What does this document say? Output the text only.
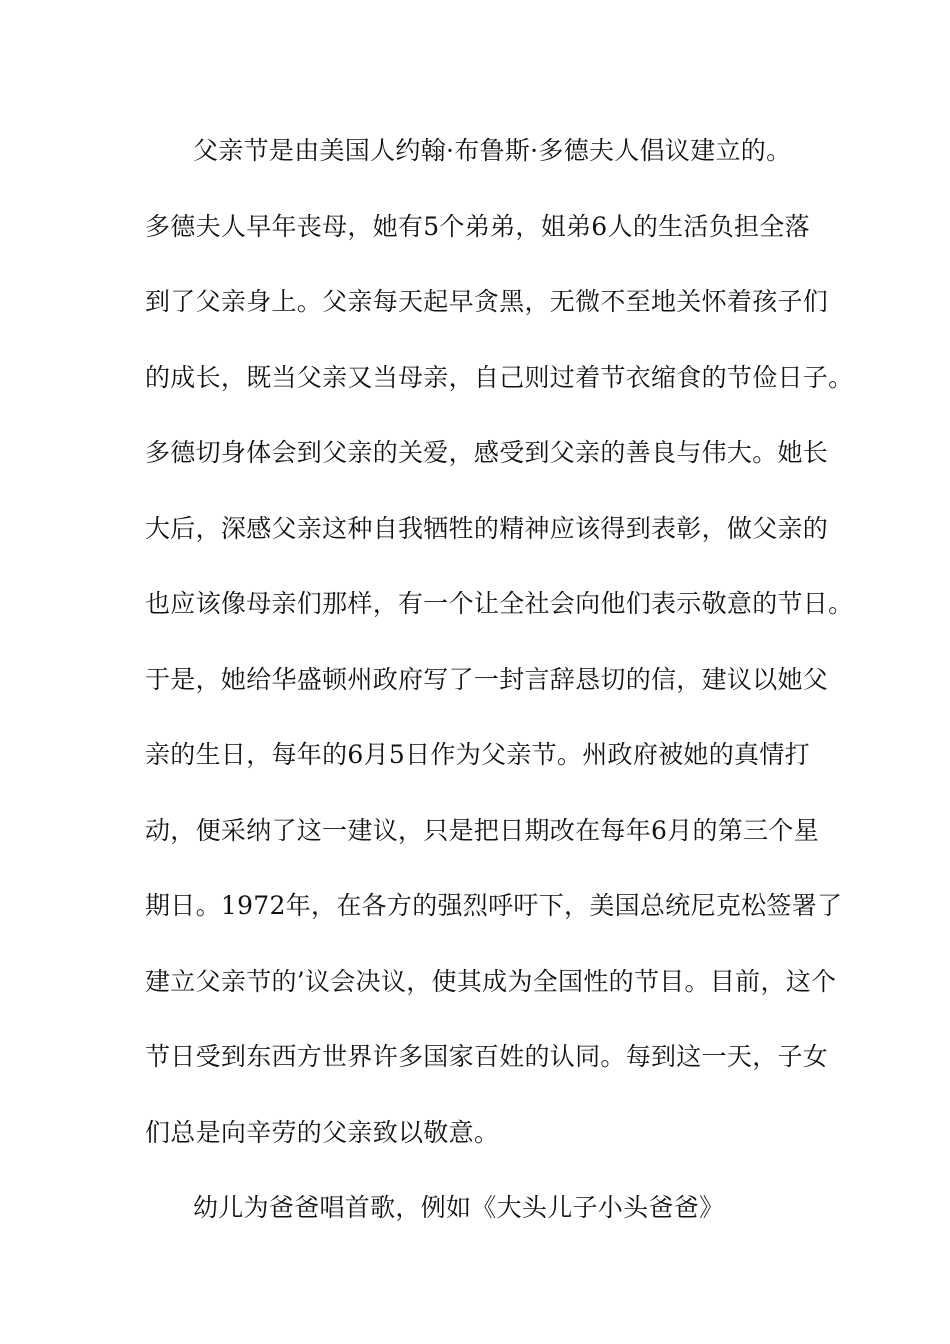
父亲节是由美国人约翰·布鲁斯·多德夫人倡议建立的。
多德夫人早年丧母，她有5个弟弟，姐弟6人的生活负担全落
到了父亲身上。父亲每天起早贪黑，无微不至地关怀着孩子们
的成长，既当父亲又当母亲，自己则过着节衣缩食的节俭日子。
多德切身体会到父亲的关爱，感受到父亲的善良与伟大。她长
大后，深感父亲这种自我牺牲的精神应该得到表彰，做父亲的
也应该像母亲们那样，有一个让全社会向他们表示敬意的节日。
于是，她给华盛顿州政府写了一封言辞恳切的信，建议以她父
亲的生日，每年的6月5日作为父亲节。州政府被她的真情打
动，便采纳了这一建议，只是把日期改在每年6月的第三个星
期日。1972年，在各方的强烈呼吁下，美国总统尼克松签署了
建立父亲节的’议会决议，使其成为全国性的节目。目前，这个
节日受到东西方世界许多国家百姓的认同。每到这一天，子女
们总是向辛劳的父亲致以敬意。
幼儿为爸爸唱首歌，例如《大头儿子小头爸爸》
